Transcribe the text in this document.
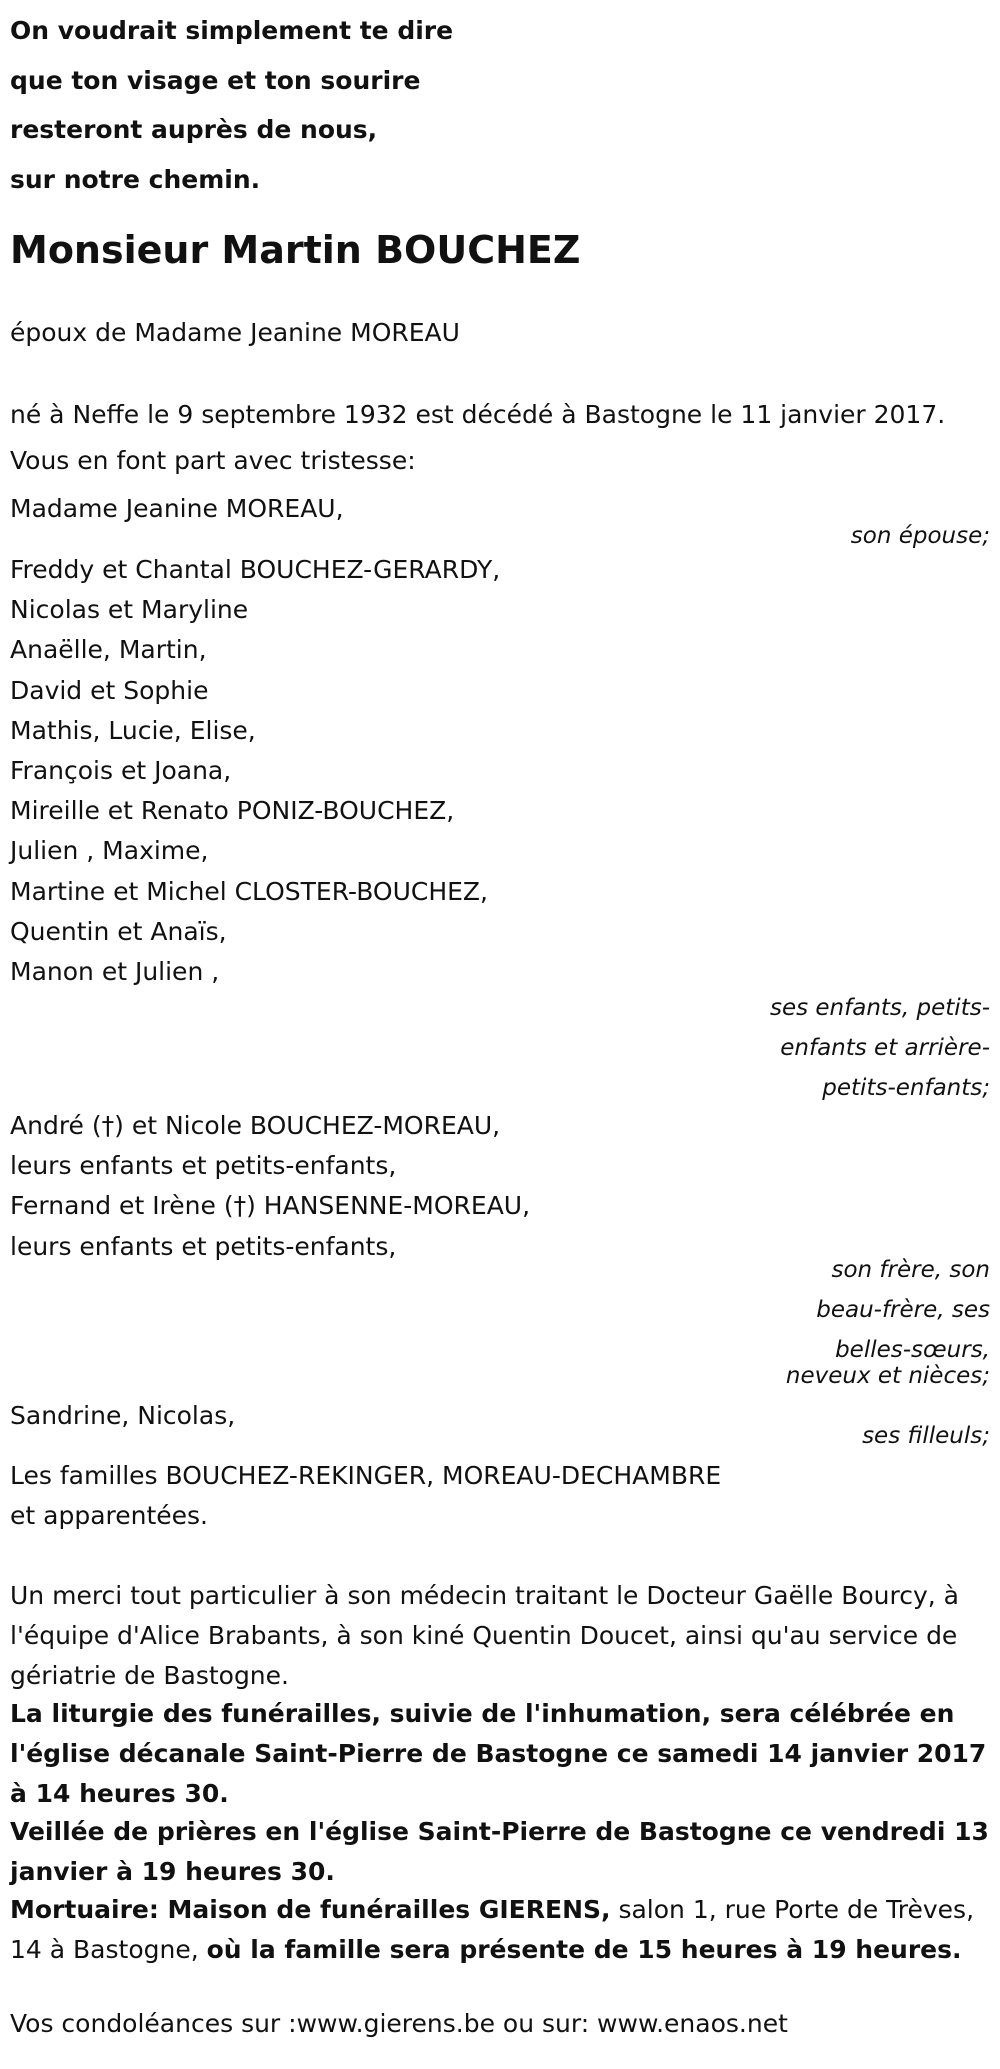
On voudrait simplement te dire
que ton visage et ton sourire
resteront auprès de nous,
sur notre chemin.
Monsieur Martin BOUCHEZ
époux de Madame Jeanine MOREAU
né à Neffe le 9 septembre 1932 est décédé à Bastogne le 11 janvier 2017.
Vous en font part avec tristesse:
Madame Jeanine MOREAU,
son épouse;
Freddy et Chantal BOUCHEZ-GERARDY,
Nicolas et Maryline
Anaëlle, Martin,
David et Sophie
Mathis, Lucie, Elise,
François et Joana,
Mireille et Renato PONIZ-BOUCHEZ,
Julien , Maxime,
Martine et Michel CLOSTER-BOUCHEZ,
Quentin et Anaïs,
Manon et Julien ,
ses enfants, petits-
enfants et arrière-
petits-enfants;
André (†) et Nicole BOUCHEZ-MOREAU,
leurs enfants et petits-enfants,
Fernand et Irène (†) HANSENNE-MOREAU,
leurs enfants et petits-enfants,
son frère, son
beau-frère, ses
belles-sœurs,
neveux et nièces;
Sandrine, Nicolas,
ses filleuls;
Les familles BOUCHEZ-REKINGER, MOREAU-DECHAMBRE
et apparentées.
Un merci tout particulier à son médecin traitant le Docteur Gaëlle Bourcy, à l'équipe d'Alice Brabants, à son kiné Quentin Doucet, ainsi qu'au service de gériatrie de Bastogne.
La liturgie des funérailles, suivie de l'inhumation, sera célébrée en l'église décanale Saint-Pierre de Bastogne ce samedi 14 janvier 2017 à 14 heures 30.
Veillée de prières en l'église Saint-Pierre de Bastogne ce vendredi 13 janvier à 19 heures 30.
Mortuaire: Maison de funérailles GIERENS, salon 1, rue Porte de Trèves, 14 à Bastogne, où la famille sera présente de 15 heures à 19 heures.
Vos condoléances sur :www.gierens.be ou sur: www.enaos.net
